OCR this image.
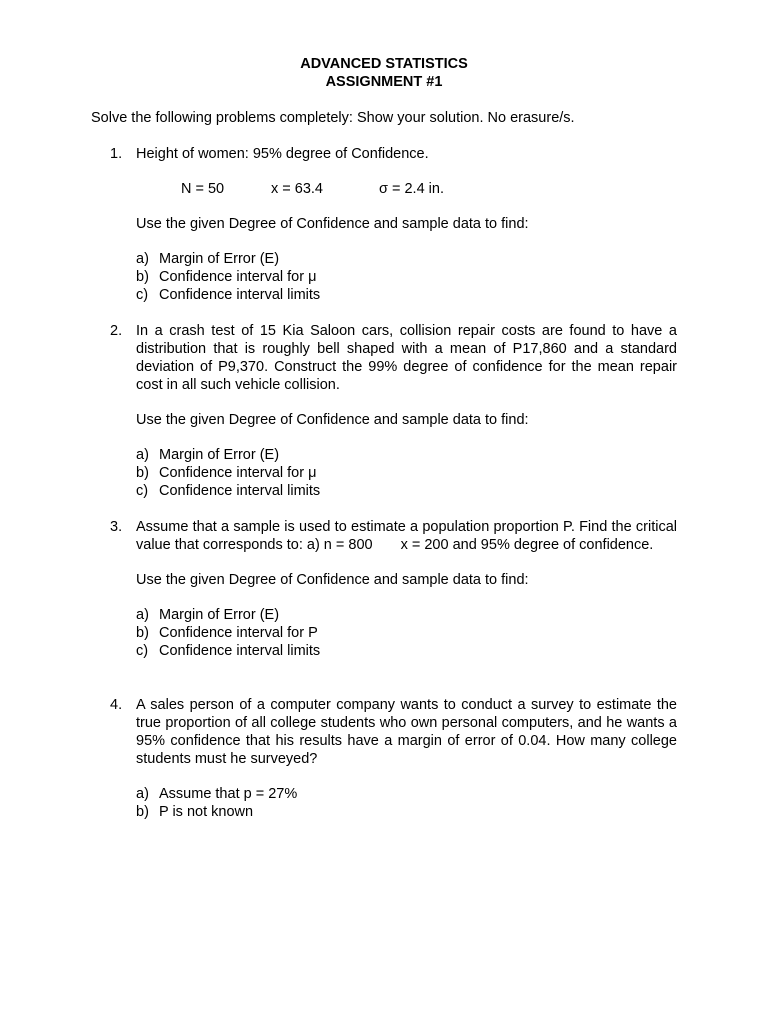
ADVANCED STATISTICS
ASSIGNMENT #1
Solve the following problems completely: Show your solution. No erasure/s.
1. Height of women: 95% degree of Confidence.
N = 50	x = 63.4	σ = 2.4 in.
Use the given Degree of Confidence and sample data to find:
a) Margin of Error (E)
b) Confidence interval for μ
c) Confidence interval limits
2. In a crash test of 15 Kia Saloon cars, collision repair costs are found to have a distribution that is roughly bell shaped with a mean of P17,860 and a standard deviation of P9,370. Construct the 99% degree of confidence for the mean repair cost in all such vehicle collision.
Use the given Degree of Confidence and sample data to find:
a) Margin of Error (E)
b) Confidence interval for μ
c) Confidence interval limits
3. Assume that a sample is used to estimate a population proportion P. Find the critical value that corresponds to: a) n = 800 x = 200 and 95% degree of confidence.
Use the given Degree of Confidence and sample data to find:
a) Margin of Error (E)
b) Confidence interval for P
c) Confidence interval limits
4. A sales person of a computer company wants to conduct a survey to estimate the true proportion of all college students who own personal computers, and he wants a 95% confidence that his results have a margin of error of 0.04. How many college students must he surveyed?
a) Assume that p = 27%
b) P is not known
